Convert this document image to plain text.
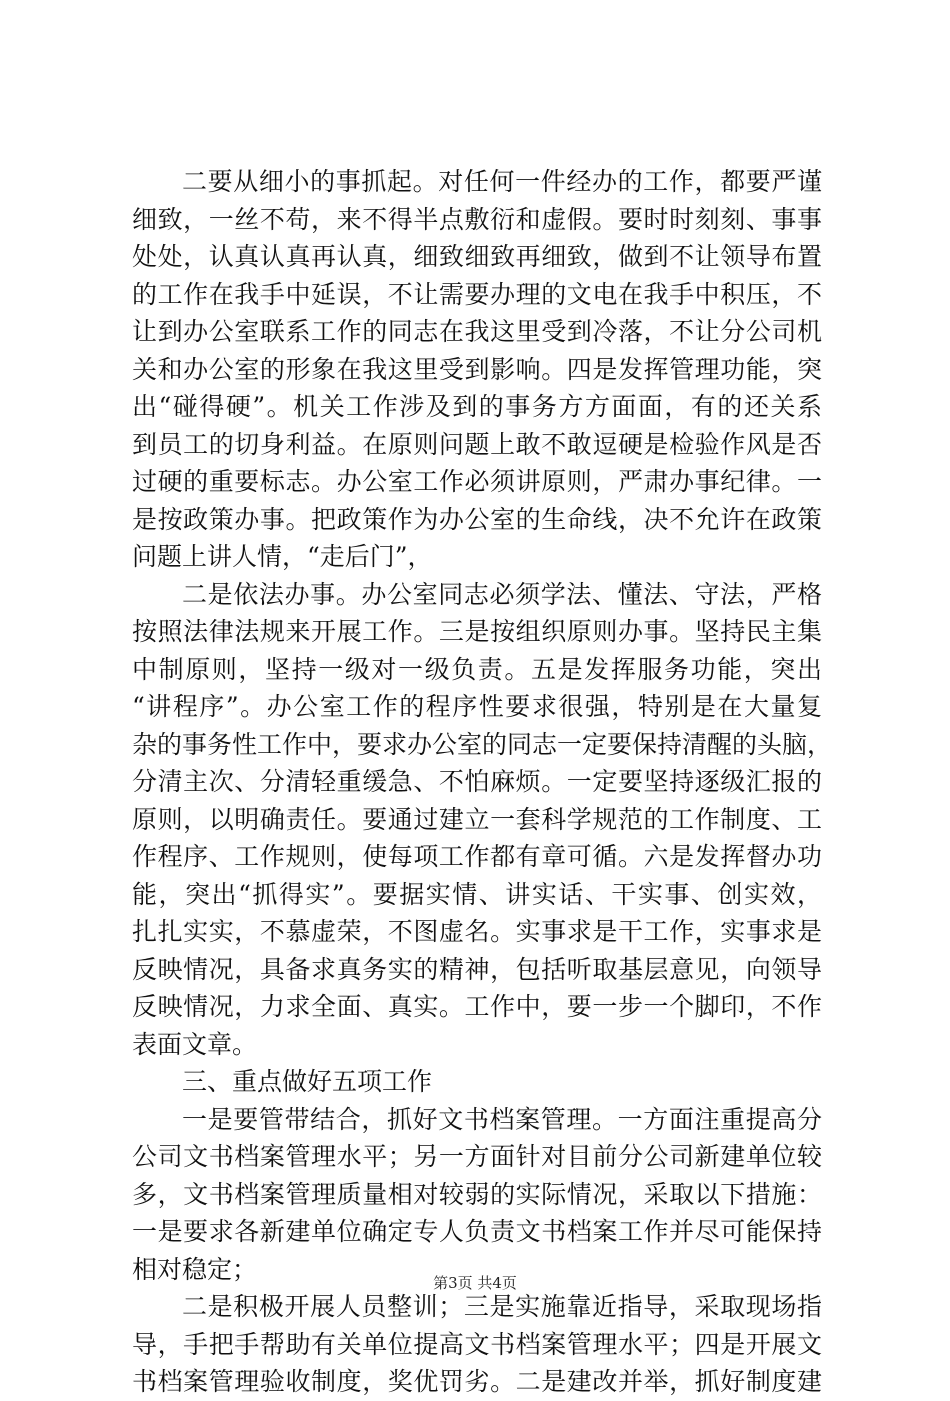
二要从细小的事抓起。对任何一件经办的工作，都要严谨
细致，一丝不苟，来不得半点敷衍和虚假。要时时刻刻、事事
处处，认真认真再认真，细致细致再细致，做到不让领导布置
的工作在我手中延误，不让需要办理的文电在我手中积压，不
让到办公室联系工作的同志在我这里受到冷落，不让分公司机
关和办公室的形象在我这里受到影响。四是发挥管理功能，突
出“碰得硬”。机关工作涉及到的事务方方面面，有的还关系
到员工的切身利益。在原则问题上敢不敢逗硬是检验作风是否
过硬的重要标志。办公室工作必须讲原则，严肃办事纪律。一
是按政策办事。把政策作为办公室的生命线，决不允许在政策
问题上讲人情，“走后门”，
二是依法办事。办公室同志必须学法、懂法、守法，严格
按照法律法规来开展工作。三是按组织原则办事。坚持民主集
中制原则，坚持一级对一级负责。五是发挥服务功能，突出
“讲程序”。办公室工作的程序性要求很强，特别是在大量复
杂的事务性工作中，要求办公室的同志一定要保持清醒的头脑，
分清主次、分清轻重缓急、不怕麻烦。一定要坚持逐级汇报的
原则，以明确责任。要通过建立一套科学规范的工作制度、工
作程序、工作规则，使每项工作都有章可循。六是发挥督办功
能，突出“抓得实”。要据实情、讲实话、干实事、创实效，
扎扎实实，不慕虚荣，不图虚名。实事求是干工作，实事求是
反映情况，具备求真务实的精神，包括听取基层意见，向领导
反映情况，力求全面、真实。工作中，要一步一个脚印，不作
表面文章。
三、重点做好五项工作
一是要管带结合，抓好文书档案管理。一方面注重提高分
公司文书档案管理水平；另一方面针对目前分公司新建单位较
多，文书档案管理质量相对较弱的实际情况，采取以下措施：
一是要求各新建单位确定专人负责文书档案工作并尽可能保持
相对稳定；
二是积极开展人员整训；三是实施靠近指导，采取现场指
导，手把手帮助有关单位提高文书档案管理水平；四是开展文
书档案管理验收制度，奖优罚劣。二是建改并举，抓好制度建
第3页 共4页
